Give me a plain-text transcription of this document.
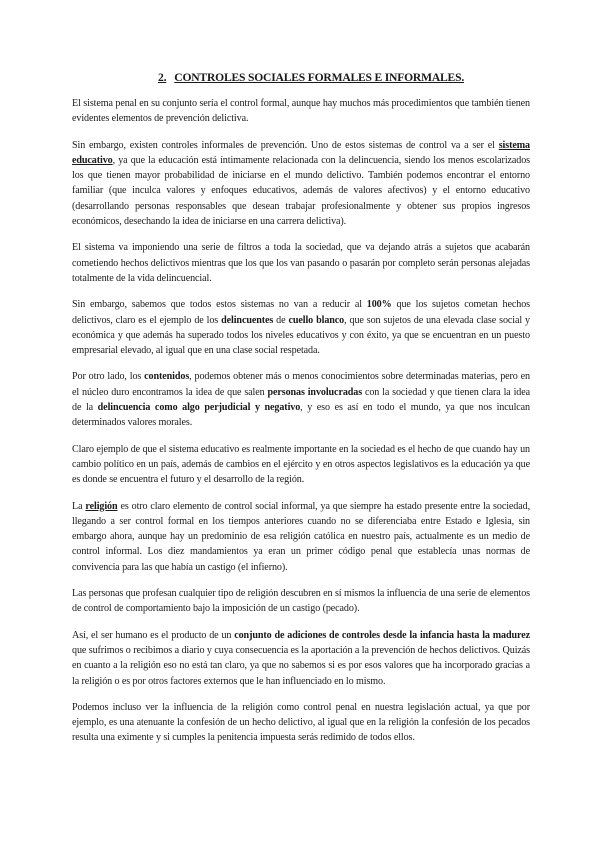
2. CONTROLES SOCIALES FORMALES E INFORMALES.

El sistema penal en su conjunto sería el control formal, aunque hay muchos más procedimientos que también tienen evidentes elementos de prevención delictiva.

Sin embargo, existen controles informales de prevención. Uno de estos sistemas de control va a ser el sistema educativo, ya que la educación está íntimamente relacionada con la delincuencia, siendo los menos escolarizados los que tienen mayor probabilidad de iniciarse en el mundo delictivo. También podemos encontrar el entorno familiar (que inculca valores y enfoques educativos, además de valores afectivos) y el entorno educativo (desarrollando personas responsables que desean trabajar profesionalmente y obtener sus propios ingresos económicos, desechando la idea de iniciarse en una carrera delictiva).

El sistema va imponiendo una serie de filtros a toda la sociedad, que va dejando atrás a sujetos que acabarán cometiendo hechos delictivos mientras que los que los van pasando o pasarán por completo serán personas alejadas totalmente de la vida delincuencial.

Sin embargo, sabemos que todos estos sistemas no van a reducir al 100% que los sujetos cometan hechos delictivos, claro es el ejemplo de los delincuentes de cuello blanco, que son sujetos de una elevada clase social y económica y que además ha superado todos los niveles educativos y con éxito, ya que se encuentran en un puesto empresarial elevado, al igual que en una clase social respetada.

Por otro lado, los contenidos, podemos obtener más o menos conocimientos sobre determinadas materias, pero en el núcleo duro encontramos la idea de que salen personas involucradas con la sociedad y que tienen clara la idea de la delincuencia como algo perjudicial y negativo, y eso es así en todo el mundo, ya que nos inculcan determinados valores morales.

Claro ejemplo de que el sistema educativo es realmente importante en la sociedad es el hecho de que cuando hay un cambio político en un país, además de cambios en el ejército y en otros aspectos legislativos es la educación ya que es donde se encuentra el futuro y el desarrollo de la región.

La religión es otro claro elemento de control social informal, ya que siempre ha estado presente entre la sociedad, llegando a ser control formal en los tiempos anteriores cuando no se diferenciaba entre Estado e Iglesia, sin embargo ahora, aunque hay un predominio de esa religión católica en nuestro país, actualmente es un medio de control informal. Los diez mandamientos ya eran un primer código penal que establecía unas normas de convivencia para las que había un castigo (el infierno).

Las personas que profesan cualquier tipo de religión descubren en sí mismos la influencia de una serie de elementos de control de comportamiento bajo la imposición de un castigo (pecado).

Así, el ser humano es el producto de un conjunto de adiciones de controles desde la infancia hasta la madurez que sufrimos o recibimos a diario y cuya consecuencia es la aportación a la prevención de hechos delictivos. Quizás en cuanto a la religión eso no está tan claro, ya que no sabemos si es por esos valores que ha incorporado gracias a la religión o es por otros factores externos que le han influenciado en lo mismo.

Podemos incluso ver la influencia de la religión como control penal en nuestra legislación actual, ya que por ejemplo, es una atenuante la confesión de un hecho delictivo, al igual que en la religión la confesión de los pecados resulta una eximente y si cumples la penitencia impuesta serás redimido de todos ellos.
